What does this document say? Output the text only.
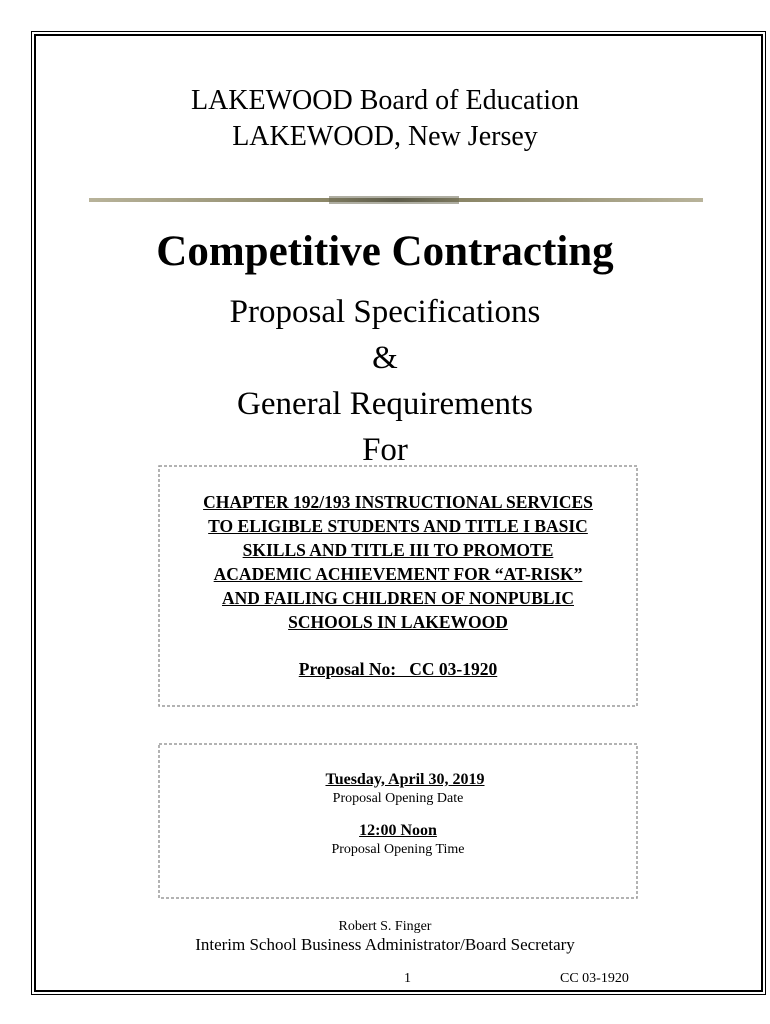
LAKEWOOD Board of Education
LAKEWOOD, New Jersey
Competitive Contracting
Proposal Specifications
&
General Requirements
For
CHAPTER 192/193 INSTRUCTIONAL SERVICES
TO ELIGIBLE STUDENTS AND TITLE I BASIC
SKILLS AND TITLE III TO PROMOTE
ACADEMIC ACHIEVEMENT FOR “AT-RISK”
AND FAILING CHILDREN OF NONPUBLIC
SCHOOLS IN LAKEWOOD
Proposal No:   CC 03-1920
Tuesday, April 30, 2019
Proposal Opening Date
12:00 Noon
Proposal Opening Time
Robert S. Finger
Interim School Business Administrator/Board Secretary
1	CC 03-1920
